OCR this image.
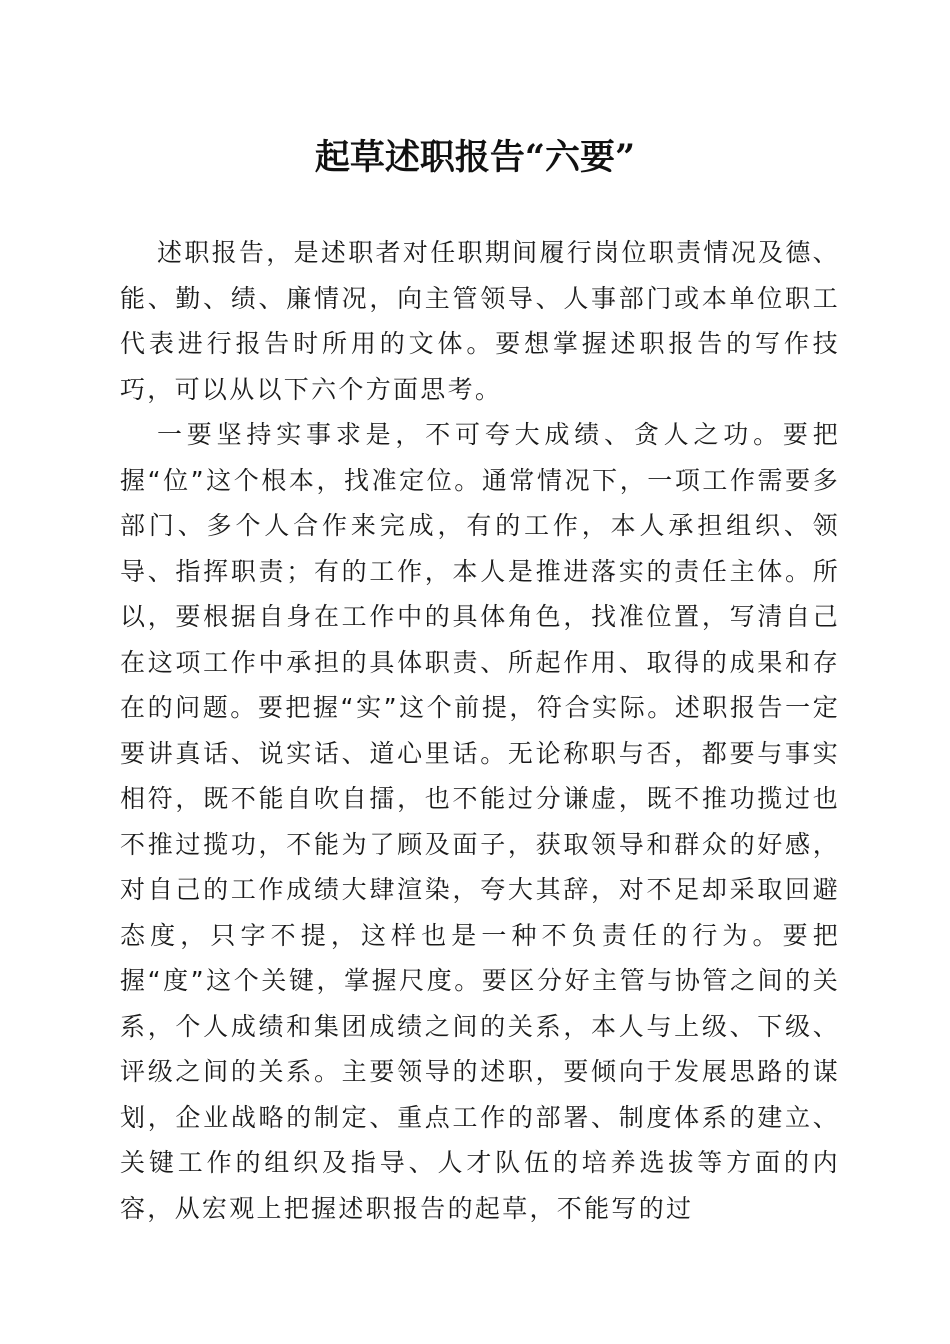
起草述职报告“六要”

述职报告，是述职者对任职期间履行岗位职责情况及德、能、勤、绩、廉情况，向主管领导、人事部门或本单位职工代表进行报告时所用的文体。要想掌握述职报告的写作技巧，可以从以下六个方面思考。

一要坚持实事求是，不可夸大成绩、贪人之功。要把握“位”这个根本，找准定位。通常情况下，一项工作需要多部门、多个人合作来完成，有的工作，本人承担组织、领导、指挥职责；有的工作，本人是推进落实的责任主体。所以，要根据自身在工作中的具体角色，找准位置，写清自己在这项工作中承担的具体职责、所起作用、取得的成果和存在的问题。要把握“实”这个前提，符合实际。述职报告一定要讲真话、说实话、道心里话。无论称职与否，都要与事实相符，既不能自吹自擂，也不能过分谦虚，既不推功揽过也不推过揽功，不能为了顾及面子，获取领导和群众的好感，对自己的工作成绩大肆渲染，夸大其辞，对不足却采取回避态度，只字不提，这样也是一种不负责任的行为。要把握“度”这个关键，掌握尺度。要区分好主管与协管之间的关系，个人成绩和集团成绩之间的关系，本人与上级、下级、评级之间的关系。主要领导的述职，要倾向于发展思路的谋划，企业战略的制定、重点工作的部署、制度体系的建立、关键工作的组织及指导、人才队伍的培养选拔等方面的内容，从宏观上把握述职报告的起草，不能写的过
